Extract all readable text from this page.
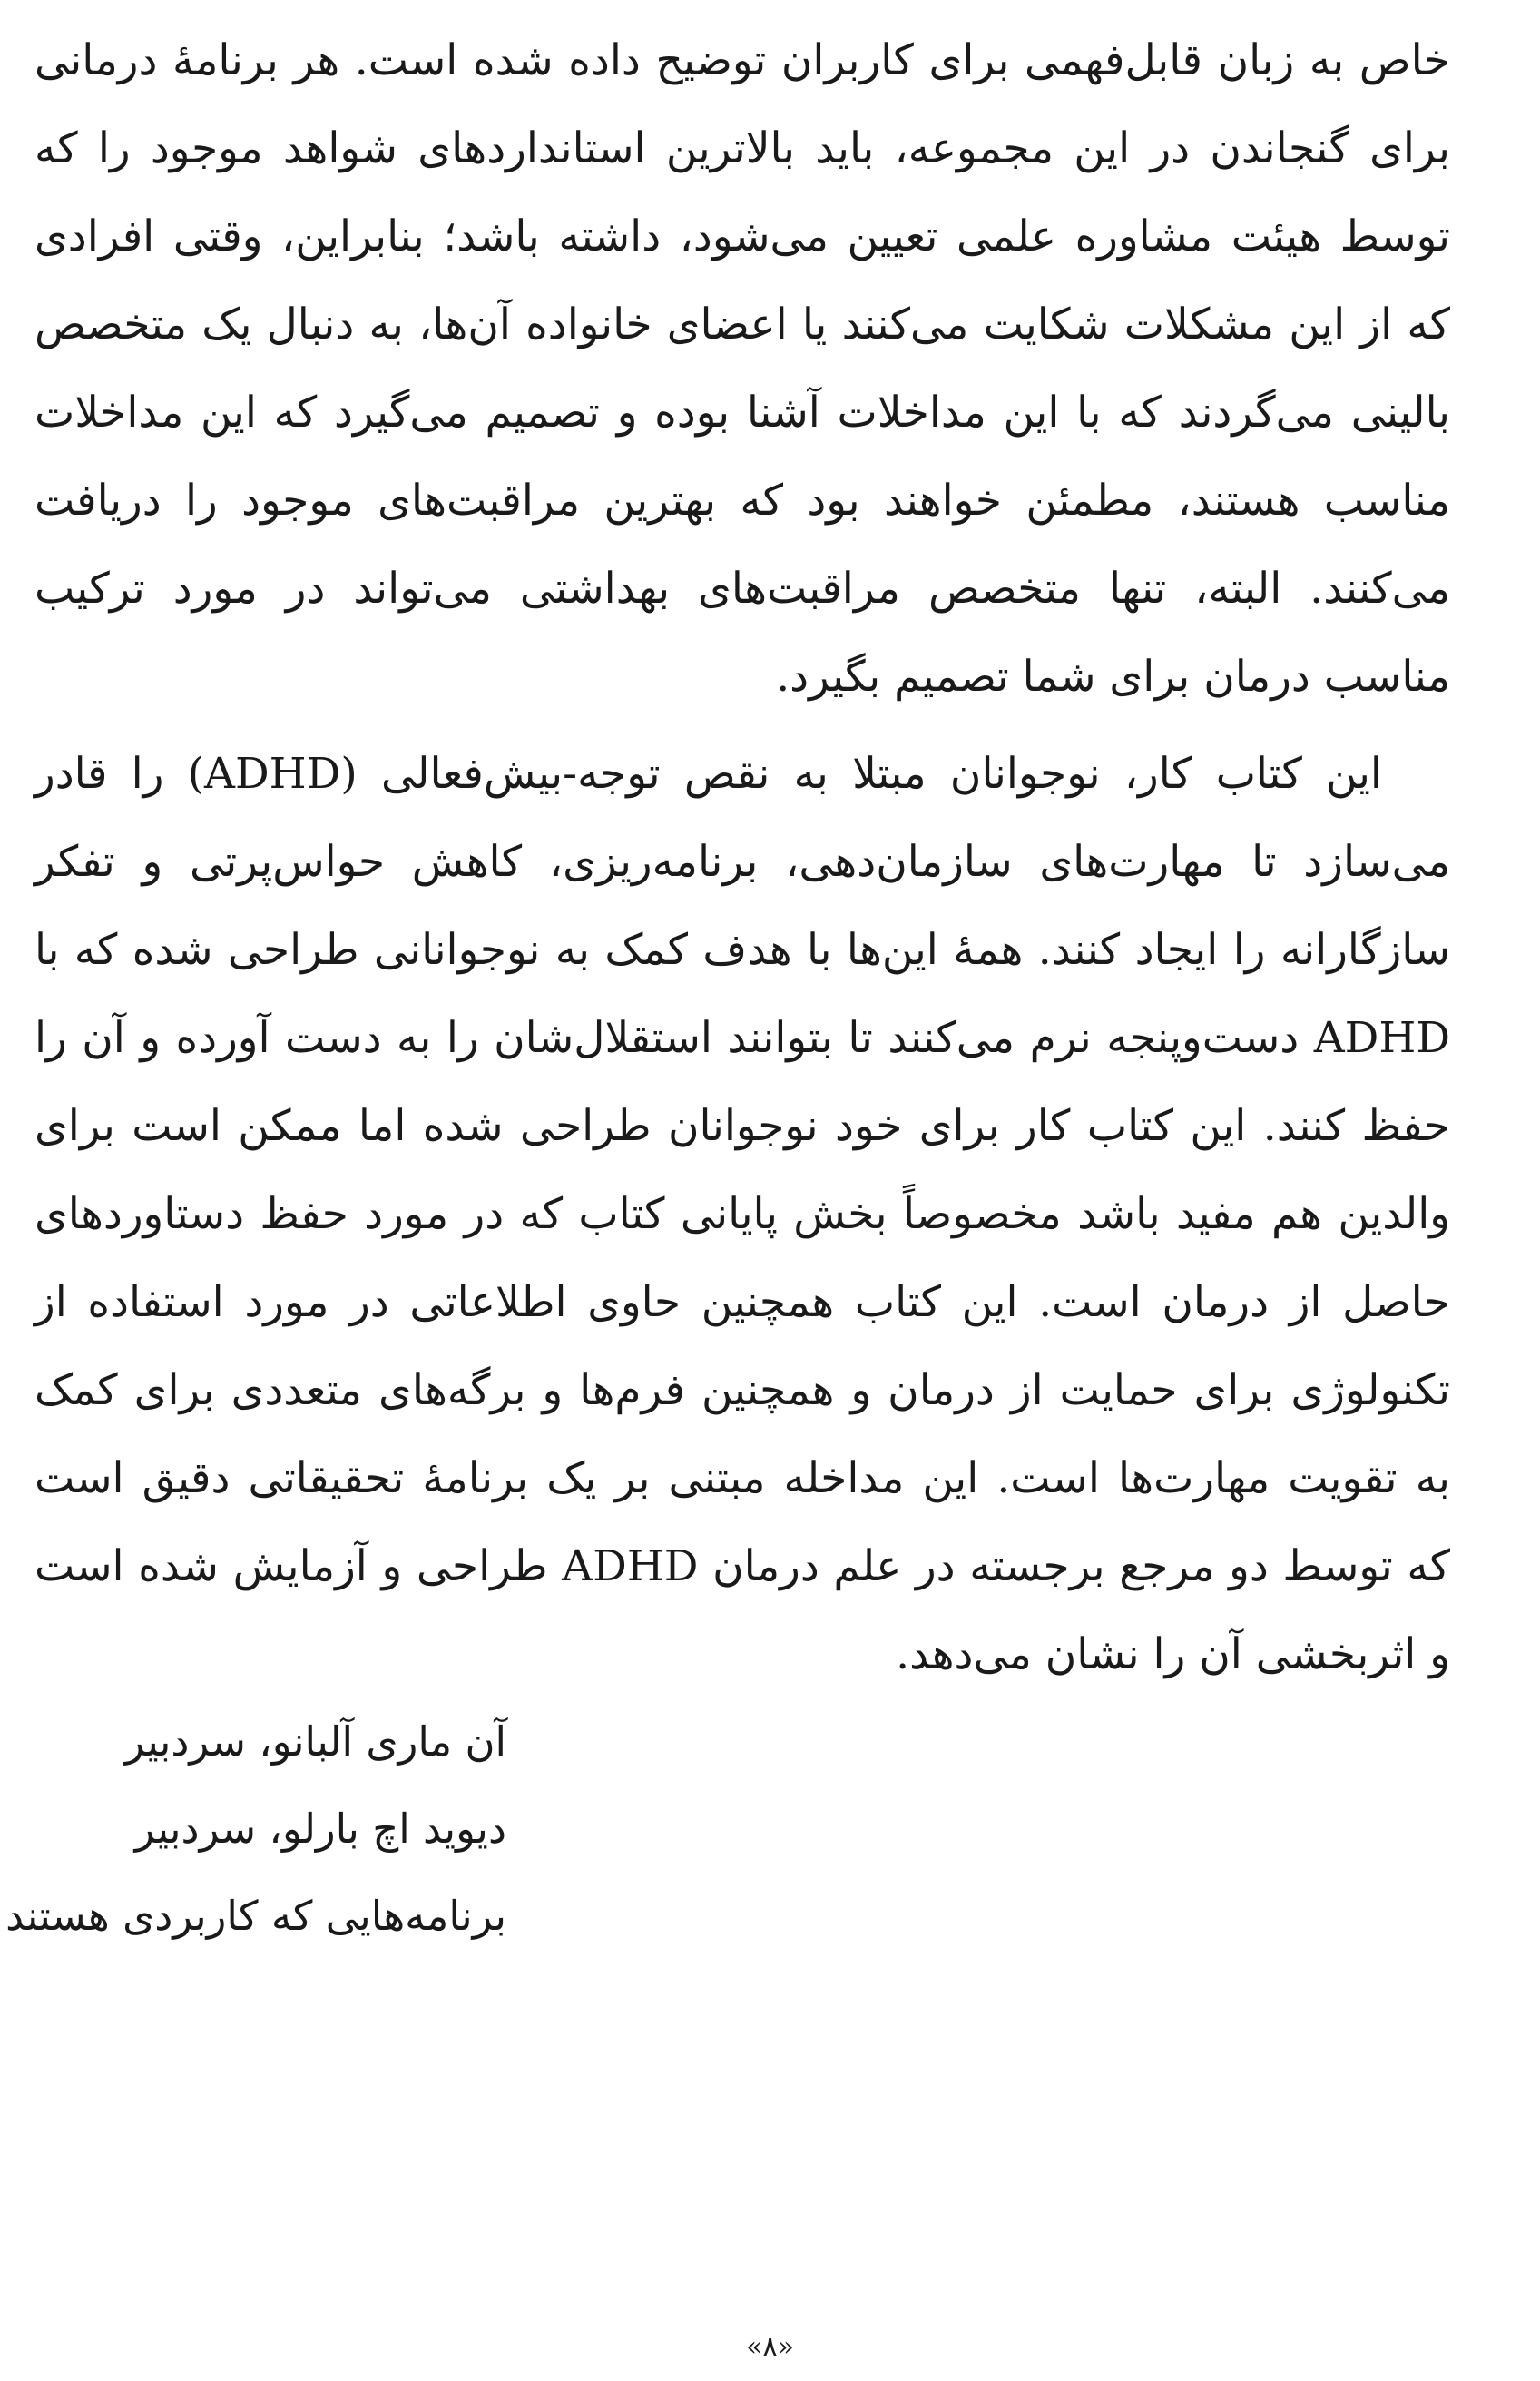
خاص به زبان قابل‌فهمی برای کاربران توضیح داده شده است. هر برنامهٔ درمانی برای گنجاندن در این مجموعه، باید بالاترین استانداردهای شواهد موجود را که توسط هیئت مشاوره علمی تعیین می‌شود، داشته باشد؛ بنابراین، وقتی افرادی که از این مشکلات شکایت می‌کنند یا اعضای خانواده آن‌ها، به دنبال یک متخصص بالینی می‌گردند که با این مداخلات آشنا بوده و تصمیم می‌گیرد که این مداخلات مناسب هستند، مطمئن خواهند بود که بهترین مراقبت‌های موجود را دریافت می‌کنند. البته، تنها متخصص مراقبت‌های بهداشتی می‌تواند در مورد ترکیب مناسب درمان برای شما تصمیم بگیرد.

این کتاب کار، نوجوانان مبتلا به نقص توجه-بیش‌فعالی (ADHD) را قادر می‌سازد تا مهارت‌های سازمان‌دهی، برنامه‌ریزی، کاهش حواس‌پرتی و تفکر سازگارانه را ایجاد کنند. همهٔ این‌ها با هدف کمک به نوجوانانی طراحی شده که با ADHD دست‌وپنجه نرم می‌کنند تا بتوانند استقلال‌شان را به دست آورده و آن را حفظ کنند. این کتاب کار برای خود نوجوانان طراحی شده اما ممکن است برای والدین هم مفید باشد مخصوصاً بخش پایانی کتاب که در مورد حفظ دستاوردهای حاصل از درمان است. این کتاب همچنین حاوی اطلاعاتی در مورد استفاده از تکنولوژی برای حمایت از درمان و همچنین فرم‌ها و برگه‌های متعددی برای کمک به تقویت مهارت‌ها است. این مداخله مبتنی بر یک برنامهٔ تحقیقاتی دقیق است که توسط دو مرجع برجسته در علم درمان ADHD طراحی و آزمایش شده است و اثربخشی آن را نشان می‌دهد.

آن ماری آلبانو، سردبیر

دیوید اچ بارلو، سردبیر

برنامه‌هایی که کاربردی هستند

«۸»
